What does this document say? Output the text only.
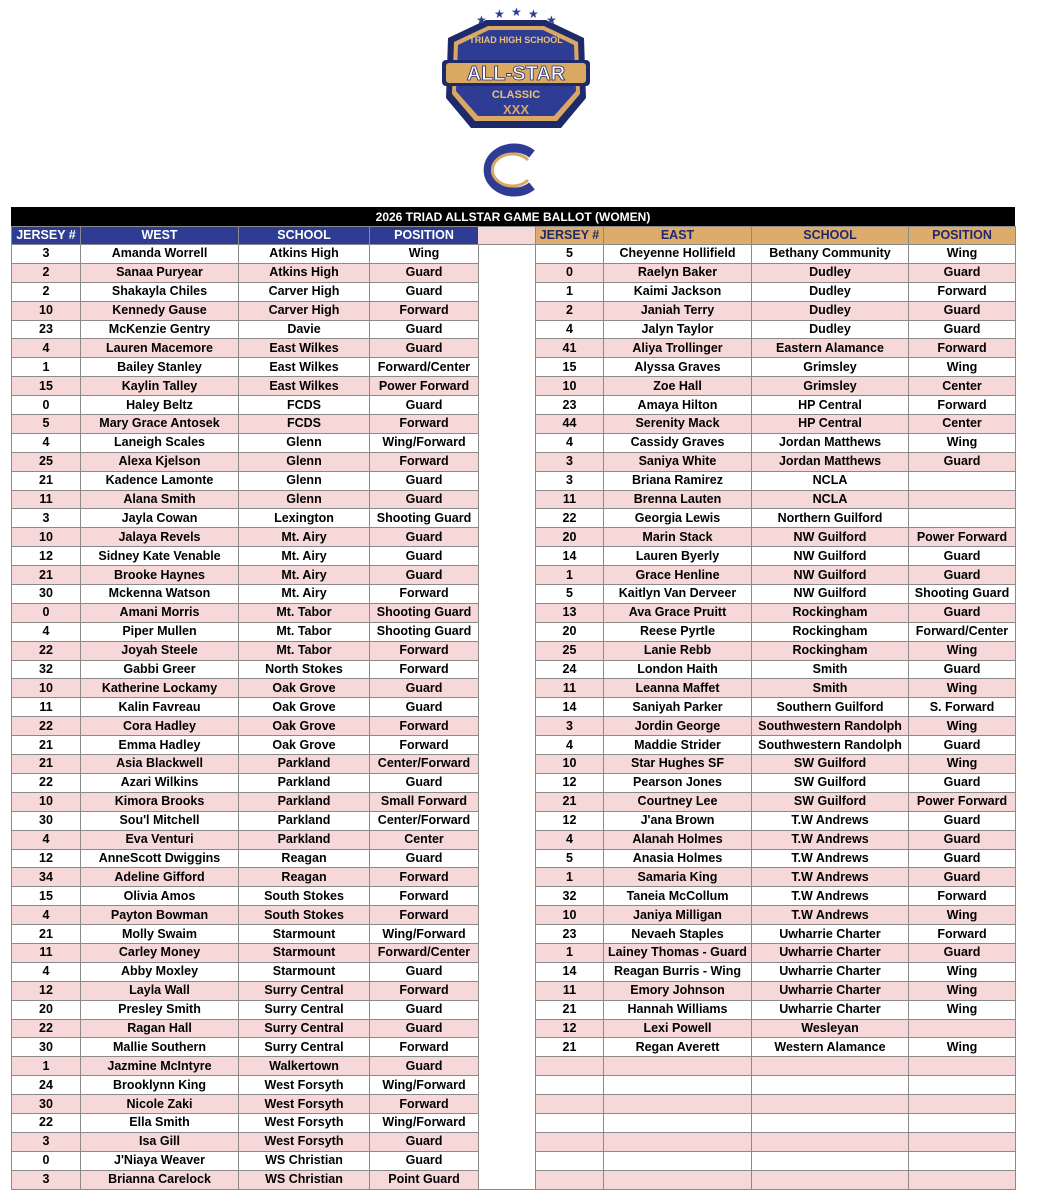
TRIAD HIGH SCHOOL
ALL-STAR
CLASSIC
XXX
★ ★ ★ ★ ★
C
2026 TRIAD ALLSTAR GAME BALLOT (WOMEN)
JERSEY #	WEST	SCHOOL	POSITION
3	Amanda Worrell	Atkins High	Wing
2	Sanaa Puryear	Atkins High	Guard
2	Shakayla Chiles	Carver High	Guard
10	Kennedy Gause	Carver High	Forward
23	McKenzie Gentry	Davie	Guard
4	Lauren Macemore	East Wilkes	Guard
1	Bailey Stanley	East Wilkes	Forward/Center
15	Kaylin Talley	East Wilkes	Power Forward
0	Haley Beltz	FCDS	Guard
5	Mary Grace Antosek	FCDS	Forward
4	Laneigh Scales	Glenn	Wing/Forward
25	Alexa Kjelson	Glenn	Forward
21	Kadence Lamonte	Glenn	Guard
11	Alana Smith	Glenn	Guard
3	Jayla Cowan	Lexington	Shooting Guard
10	Jalaya Revels	Mt. Airy	Guard
12	Sidney Kate Venable	Mt. Airy	Guard
21	Brooke Haynes	Mt. Airy	Guard
30	Mckenna Watson	Mt. Airy	Forward
0	Amani Morris	Mt. Tabor	Shooting Guard
4	Piper Mullen	Mt. Tabor	Shooting Guard
22	Joyah Steele	Mt. Tabor	Forward
32	Gabbi Greer	North Stokes	Forward
10	Katherine Lockamy	Oak Grove	Guard
11	Kalin Favreau	Oak Grove	Guard
22	Cora Hadley	Oak Grove	Forward
21	Emma Hadley	Oak Grove	Forward
21	Asia Blackwell	Parkland	Center/Forward
22	Azari Wilkins	Parkland	Guard
10	Kimora Brooks	Parkland	Small Forward
30	Sou'l Mitchell	Parkland	Center/Forward
4	Eva Venturi	Parkland	Center
12	AnneScott Dwiggins	Reagan	Guard
34	Adeline Gifford	Reagan	Forward
15	Olivia Amos	South Stokes	Forward
4	Payton Bowman	South Stokes	Forward
21	Molly Swaim	Starmount	Wing/Forward
11	Carley Money	Starmount	Forward/Center
4	Abby Moxley	Starmount	Guard
12	Layla Wall	Surry Central	Forward
20	Presley Smith	Surry Central	Guard
22	Ragan Hall	Surry Central	Guard
30	Mallie Southern	Surry Central	Forward
1	Jazmine McIntyre	Walkertown	Guard
24	Brooklynn King	West Forsyth	Wing/Forward
30	Nicole Zaki	West Forsyth	Forward
22	Ella Smith	West Forsyth	Wing/Forward
3	Isa Gill	West Forsyth	Guard
0	J'Niaya Weaver	WS Christian	Guard
3	Brianna Carelock	WS Christian	Point Guard
JERSEY #	EAST	SCHOOL	POSITION
5	Cheyenne Hollifield	Bethany Community	Wing
0	Raelyn Baker	Dudley	Guard
1	Kaimi Jackson	Dudley	Forward
2	Janiah Terry	Dudley	Guard
4	Jalyn Taylor	Dudley	Guard
41	Aliya Trollinger	Eastern Alamance	Forward
15	Alyssa Graves	Grimsley	Wing
10	Zoe Hall	Grimsley	Center
23	Amaya Hilton	HP Central	Forward
44	Serenity Mack	HP Central	Center
4	Cassidy Graves	Jordan Matthews	Wing
3	Saniya White	Jordan Matthews	Guard
3	Briana Ramirez	NCLA	
11	Brenna Lauten	NCLA	
22	Georgia Lewis	Northern Guilford	
20	Marin Stack	NW Guilford	Power Forward
14	Lauren Byerly	NW Guilford	Guard
1	Grace Henline	NW Guilford	Guard
5	Kaitlyn Van Derveer	NW Guilford	Shooting Guard
13	Ava Grace Pruitt	Rockingham	Guard
20	Reese Pyrtle	Rockingham	Forward/Center
25	Lanie Rebb	Rockingham	Wing
24	London Haith	Smith	Guard
11	Leanna Maffet	Smith	Wing
14	Saniyah Parker	Southern Guilford	S. Forward
3	Jordin George	Southwestern Randolph	Wing
4	Maddie Strider	Southwestern Randolph	Guard
10	Star Hughes SF	SW Guilford	Wing
12	Pearson Jones	SW Guilford	Guard
21	Courtney Lee	SW Guilford	Power Forward
12	J'ana Brown	T.W Andrews	Guard
4	Alanah Holmes	T.W Andrews	Guard
5	Anasia Holmes	T.W Andrews	Guard
1	Samaria King	T.W Andrews	Guard
32	Taneia McCollum	T.W Andrews	Forward
10	Janiya Milligan	T.W Andrews	Wing
23	Nevaeh Staples	Uwharrie Charter	Forward
1	Lainey Thomas - Guard	Uwharrie Charter	Guard
14	Reagan Burris - Wing	Uwharrie Charter	Wing
11	Emory Johnson	Uwharrie Charter	Wing
21	Hannah Williams	Uwharrie Charter	Wing
12	Lexi Powell	Wesleyan	
21	Regan Averett	Western Alamance	Wing
